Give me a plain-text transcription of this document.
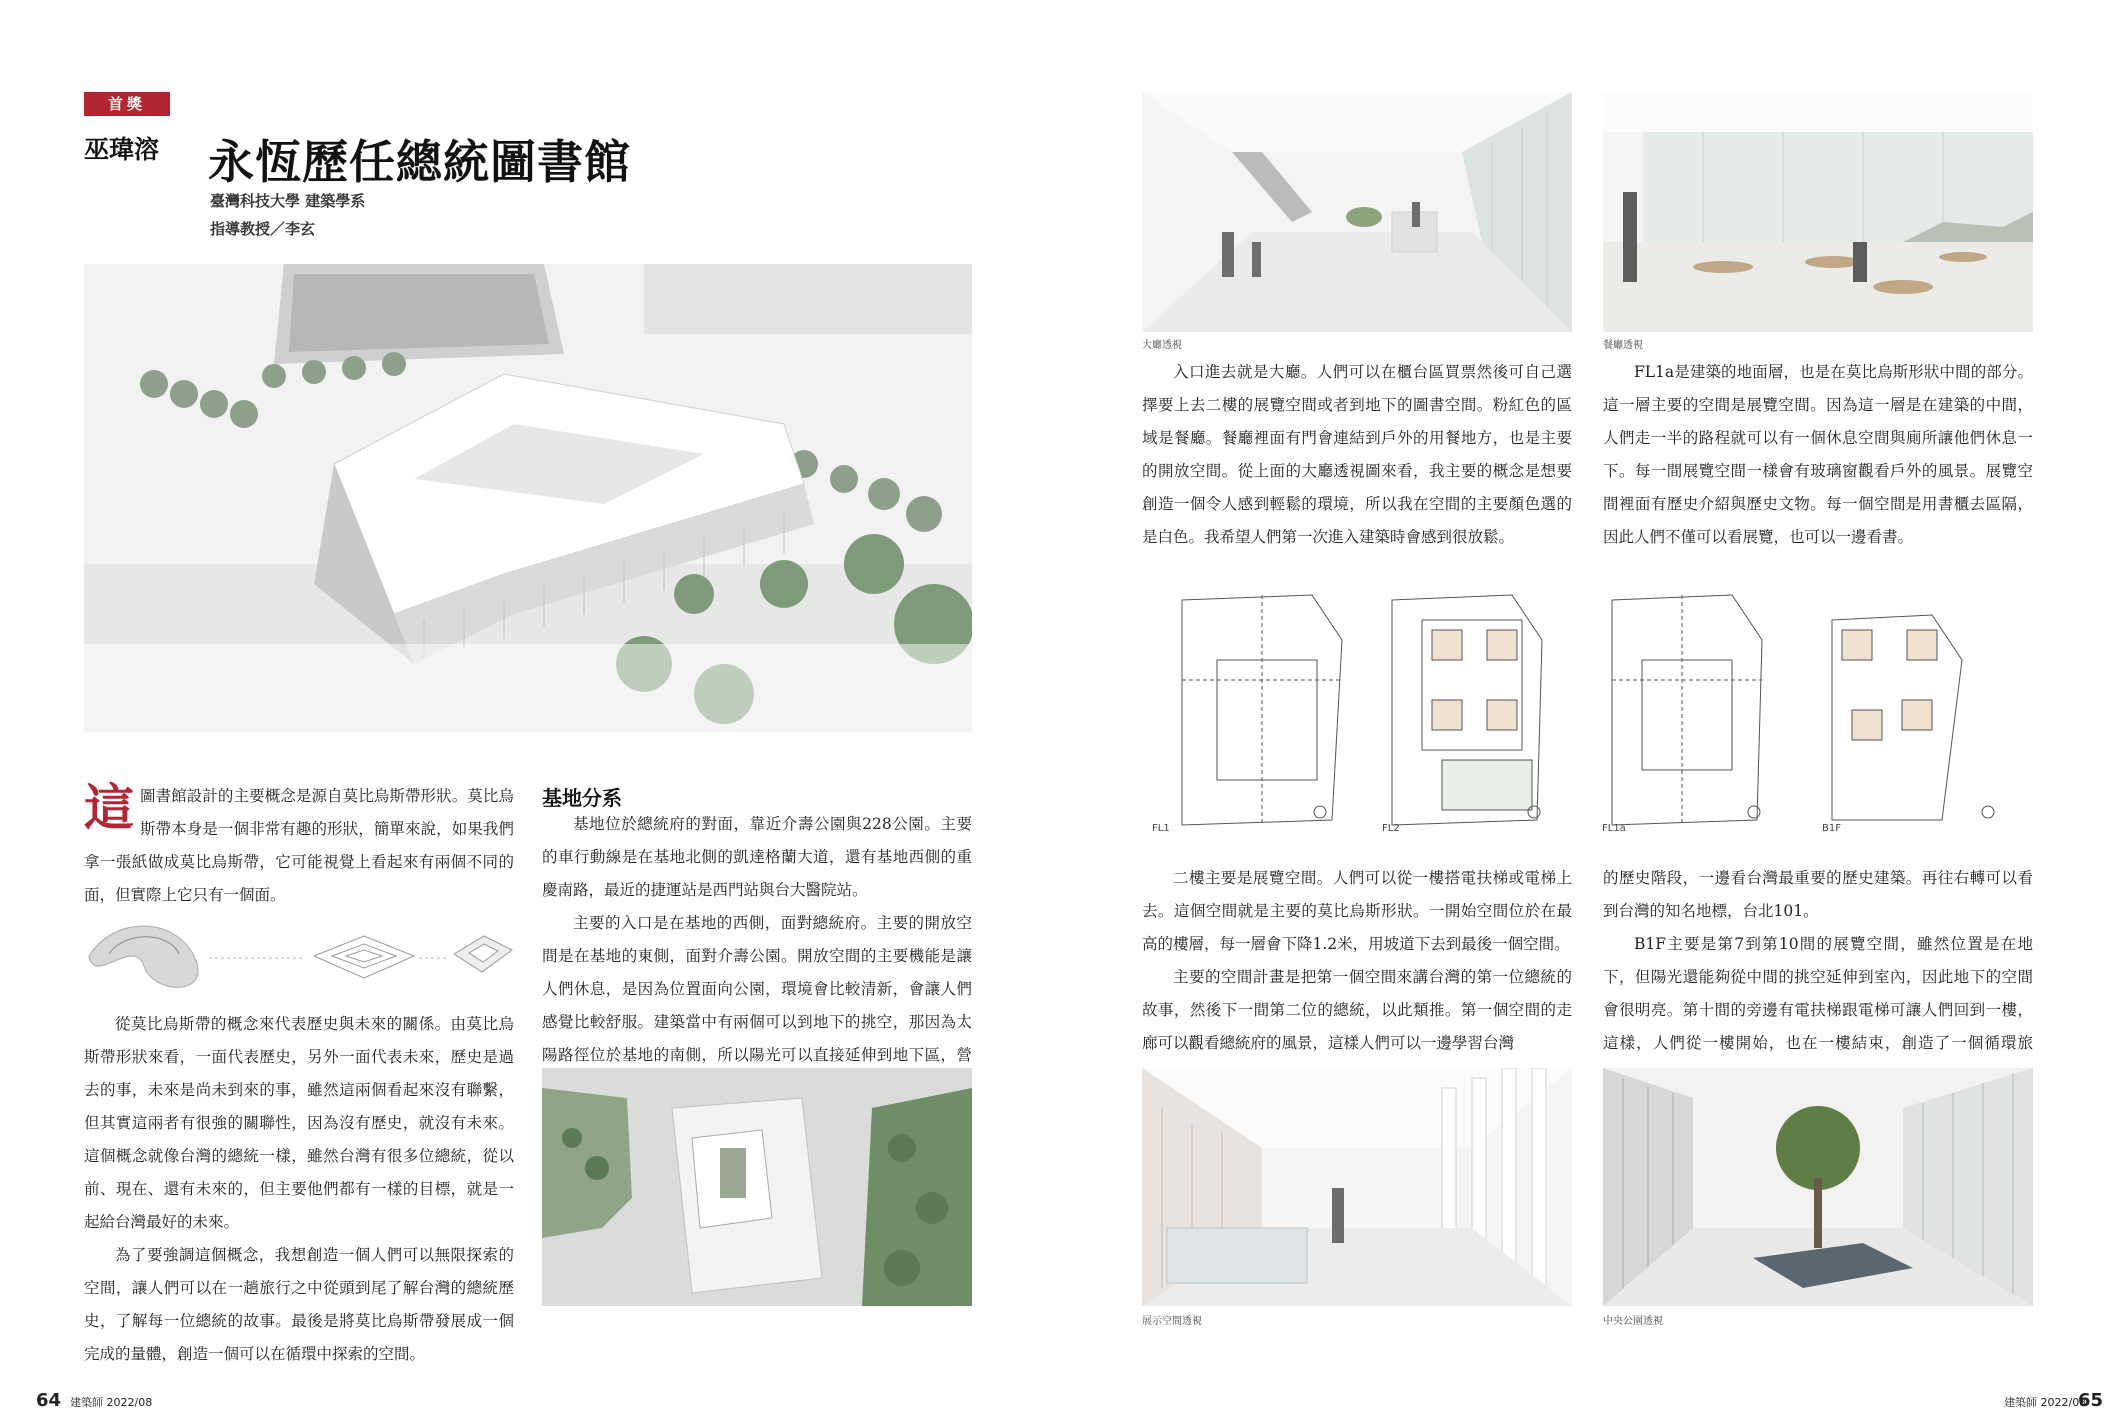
首獎
巫瑋溶 永恆歷任總統圖書館
臺灣科技大學 建築學系
指導教授／李玄

這圖書館設計的主要概念是源自莫比烏斯帶形狀。莫比烏斯帶本身是一個非常有趣的形狀，簡單來說，如果我們拿一張紙做成莫比烏斯帶，它可能視覺上看起來有兩個不同的面，但實際上它只有一個面。

從莫比烏斯帶的概念來代表歷史與未來的關係。由莫比烏斯帶形狀來看，一面代表歷史，另外一面代表未來，歷史是過去的事，未來是尚未到來的事，雖然這兩個看起來沒有聯繫，但其實這兩者有很強的關聯性，因為沒有歷史，就沒有未來。這個概念就像台灣的總統一樣，雖然台灣有很多位總統，從以前、現在、還有未來的，但主要他們都有一樣的目標，就是一起給台灣最好的未來。

為了要強調這個概念，我想創造一個人們可以無限探索的空間，讓人們可以在一趟旅行之中從頭到尾了解台灣的總統歷史，了解每一位總統的故事。最後是將莫比烏斯帶發展成一個完成的量體，創造一個可以在循環中探索的空間。

基地分系

基地位於總統府的對面，靠近介壽公園與228公園。主要的車行動線是在基地北側的凱達格蘭大道，還有基地西側的重慶南路，最近的捷運站是西門站與台大醫院站。

主要的入口是在基地的西側，面對總統府。主要的開放空間是在基地的東側，面對介壽公園。開放空間的主要機能是讓人們休息，是因為位置面向公園，環境會比較清新，會讓人們感覺比較舒服。建築當中有兩個可以到地下的挑空，那因為太陽路徑位於基地的南側，所以陽光可以直接延伸到地下區，營

64 建築師 2022/08
大廳透視	餐廳透視

入口進去就是大廳。人們可以在櫃台區買票然後可自己選擇要上去二樓的展覽空間或者到地下的圖書空間。粉紅色的區域是餐廳。餐廳裡面有門會連結到戶外的用餐地方，也是主要的開放空間。從上面的大廳透視圖來看，我主要的概念是想要創造一個令人感到輕鬆的環境，所以我在空間的主要顏色選的是白色。我希望人們第一次進入建築時會感到很放鬆。

FL1a是建築的地面層，也是在莫比烏斯形狀中間的部分。這一層主要的空間是展覽空間。因為這一層是在建築的中間，人們走一半的路程就可以有一個休息空間與廁所讓他們休息一下。每一間展覽空間一樣會有玻璃窗觀看戶外的風景。展覽空間裡面有歷史介紹與歷史文物。每一個空間是用書櫃去區隔，因此人們不僅可以看展覽，也可以一邊看書。

FL1	FL2	FL1a	B1F

二樓主要是展覽空間。人們可以從一樓搭電扶梯或電梯上去。這個空間就是主要的莫比烏斯形狀。一開始空間位於在最高的樓層，每一層會下降1.2米，用坡道下去到最後一個空間。

主要的空間計畫是把第一個空間來講台灣的第一位總統的故事，然後下一間第二位的總統，以此類推。第一個空間的走廊可以觀看總統府的風景，這樣人們可以一邊學習台灣

的歷史階段，一邊看台灣最重要的歷史建築。再往右轉可以看到台灣的知名地標，台北101。

B1F主要是第7到第10間的展覽空間，雖然位置是在地下，但陽光還能夠從中間的挑空延伸到室內，因此地下的空間會很明亮。第十間的旁邊有電扶梯跟電梯可讓人們回到一樓，這樣，人們從一樓開始，也在一樓結束，創造了一個循環旅

展示空間透視	中央公園透視
建築師 2022/08
65
